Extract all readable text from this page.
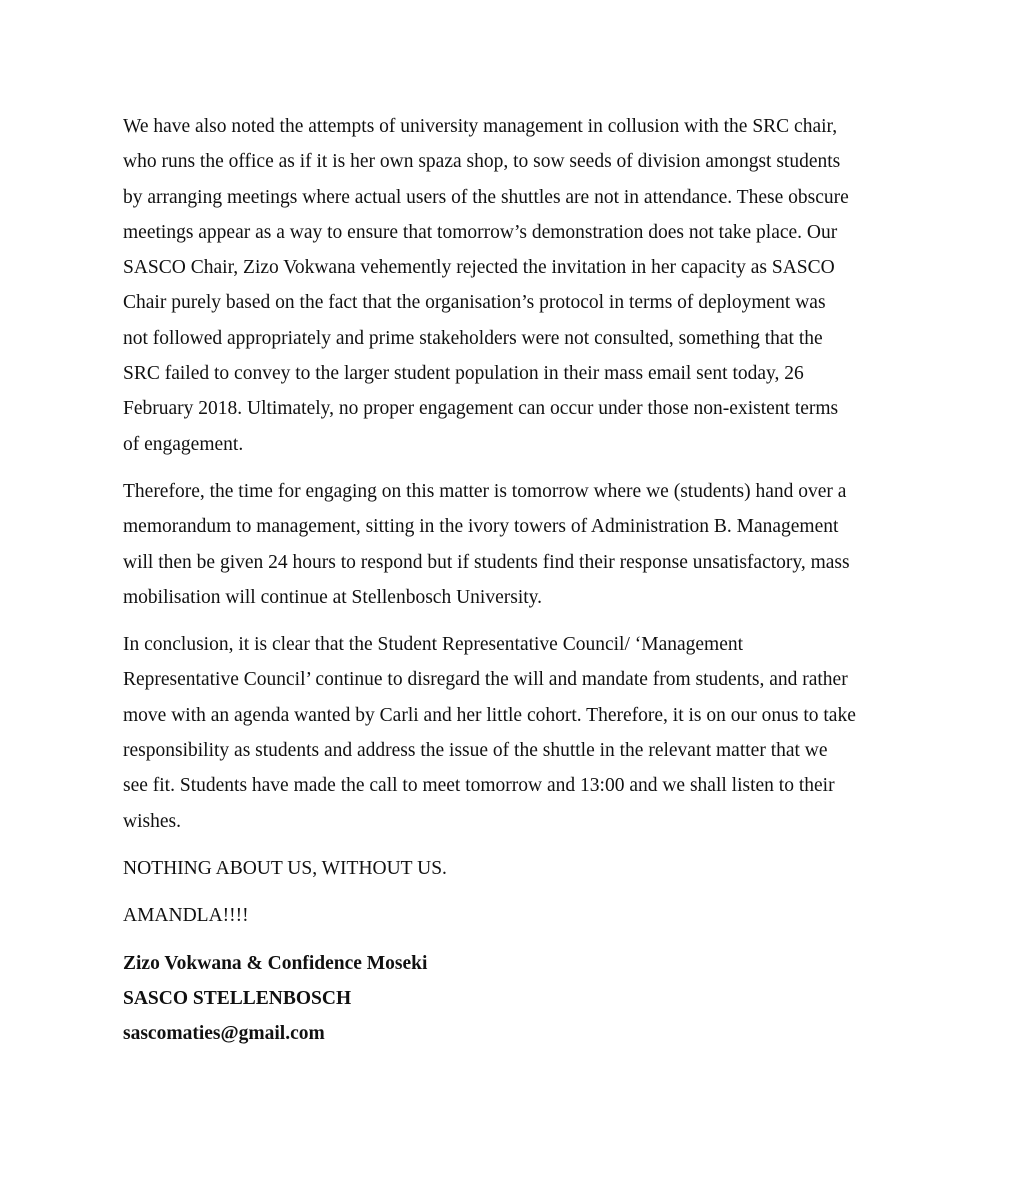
We have also noted the attempts of university management in collusion with the SRC chair,
who runs the office as if it is her own spaza shop, to sow seeds of division amongst students
by arranging meetings where actual users of the shuttles are not in attendance. These obscure
meetings appear as a way to ensure that tomorrow’s demonstration does not take place. Our
SASCO Chair, Zizo Vokwana vehemently rejected the invitation in her capacity as SASCO
Chair purely based on the fact that the organisation’s protocol in terms of deployment was
not followed appropriately and prime stakeholders were not consulted, something that the
SRC failed to convey to the larger student population in their mass email sent today, 26
February 2018. Ultimately, no proper engagement can occur under those non-existent terms
of engagement.

Therefore, the time for engaging on this matter is tomorrow where we (students) hand over a
memorandum to management, sitting in the ivory towers of Administration B. Management
will then be given 24 hours to respond but if students find their response unsatisfactory, mass
mobilisation will continue at Stellenbosch University.

In conclusion, it is clear that the Student Representative Council/ ‘Management
Representative Council’ continue to disregard the will and mandate from students, and rather
move with an agenda wanted by Carli and her little cohort. Therefore, it is on our onus to take
responsibility as students and address the issue of the shuttle in the relevant matter that we
see fit. Students have made the call to meet tomorrow and 13:00 and we shall listen to their
wishes.

NOTHING ABOUT US, WITHOUT US.

AMANDLA!!!!

Zizo Vokwana & Confidence Moseki
SASCO STELLENBOSCH
sascomaties@gmail.com
